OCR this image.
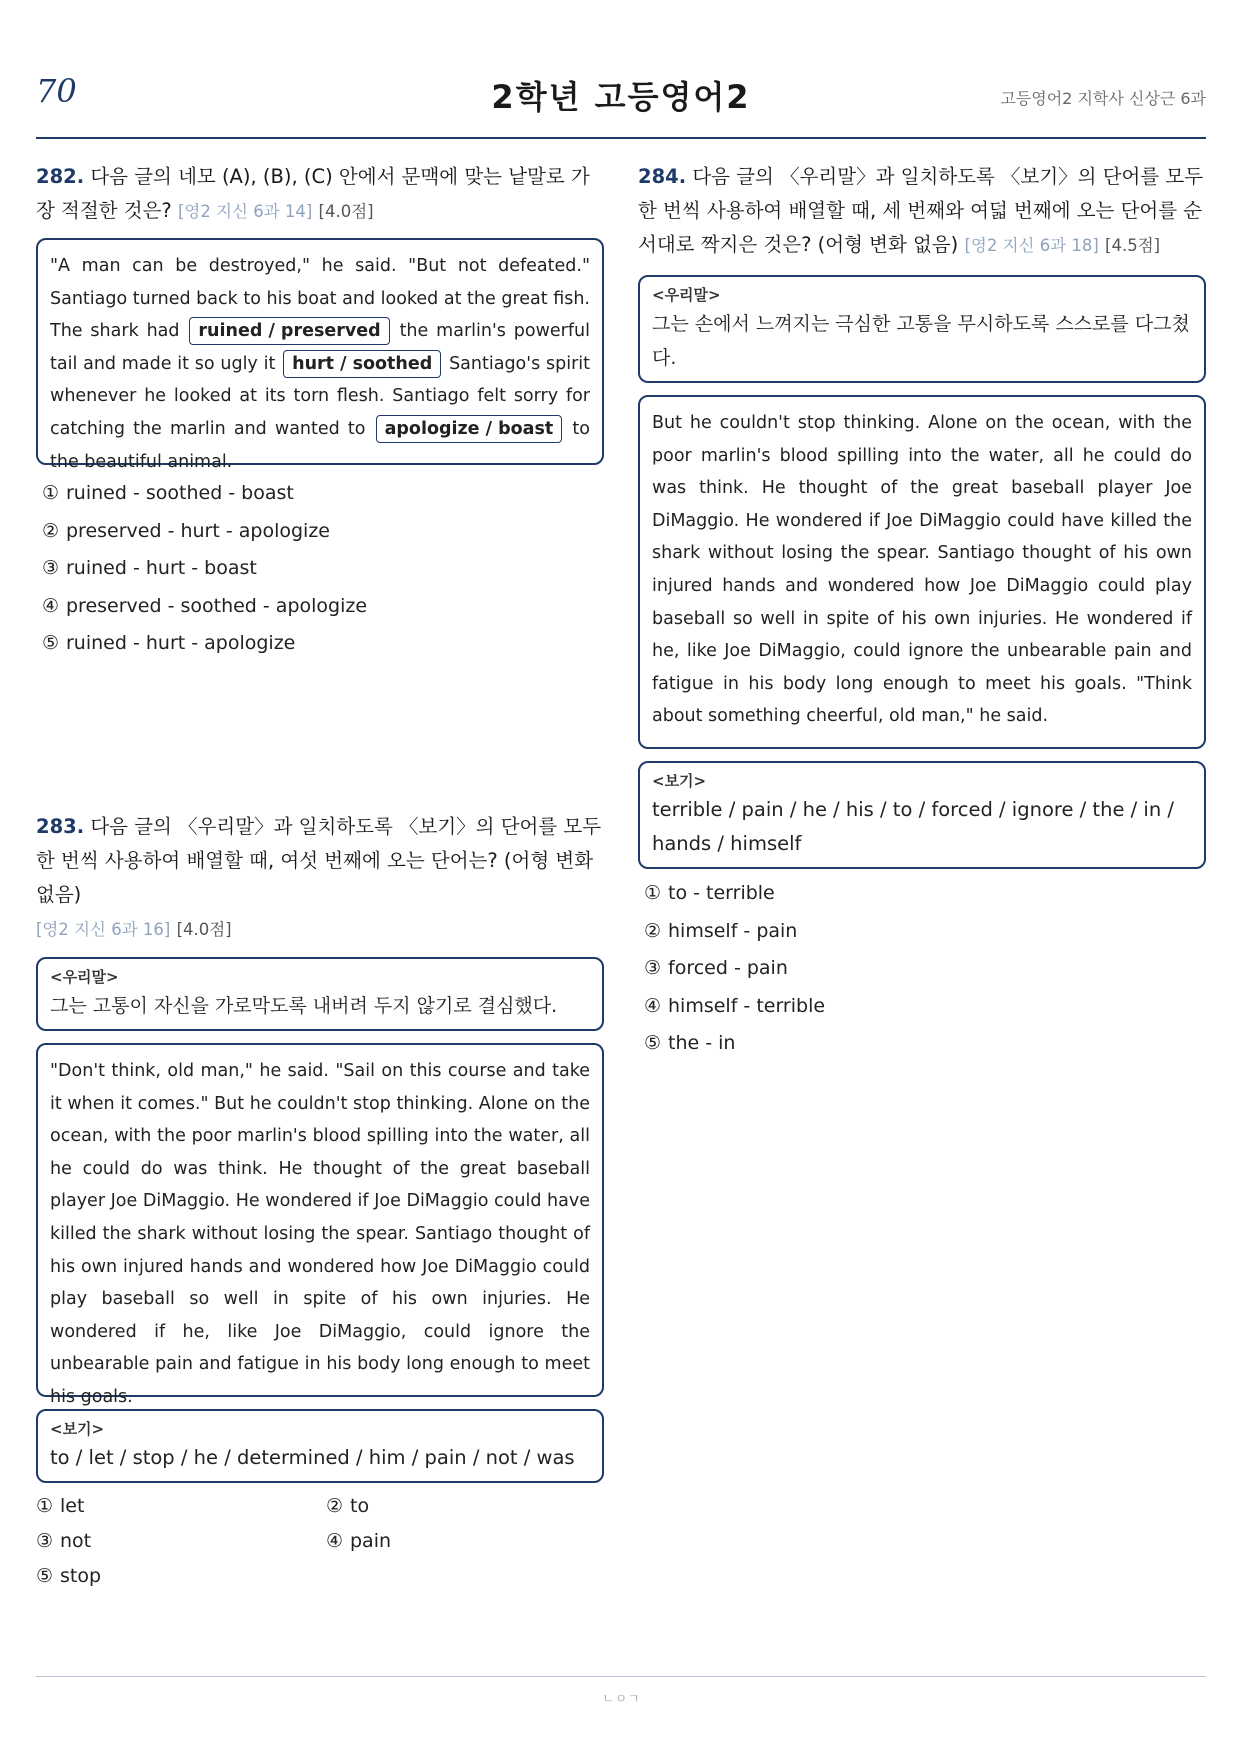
70	2학년 고등영어2	고등영어2 지학사 신상근 6과
282. 다음 글의 네모 (A), (B), (C) 안에서 문맥에 맞는 낱말로 가장 적절한 것은? [영2 지신 6과 14] [4.0점]
"A man can be destroyed," he said. "But not defeated." Santiago turned back to his boat and looked at the great fish. The shark had ruined / preserved the marlin's powerful tail and made it so ugly it hurt / soothed Santiago's spirit whenever he looked at its torn flesh. Santiago felt sorry for catching the marlin and wanted to apologize / boast to the beautiful animal.
① ruined - soothed - boast
② preserved - hurt - apologize
③ ruined - hurt - boast
④ preserved - soothed - apologize
⑤ ruined - hurt - apologize
283. 다음 글의 〈우리말〉과 일치하도록 〈보기〉의 단어를 모두 한 번씩 사용하여 배열할 때, 여섯 번째에 오는 단어는? (어형 변화 없음)
[영2 지신 6과 16] [4.0점]
<우리말>
그는 고통이 자신을 가로막도록 내버려 두지 않기로 결심했다.
"Don't think, old man," he said. "Sail on this course and take it when it comes." But he couldn't stop thinking. Alone on the ocean, with the poor marlin's blood spilling into the water, all he could do was think. He thought of the great baseball player Joe DiMaggio. He wondered if Joe DiMaggio could have killed the shark without losing the spear. Santiago thought of his own injured hands and wondered how Joe DiMaggio could play baseball so well in spite of his own injuries. He wondered if he, like Joe DiMaggio, could ignore the unbearable pain and fatigue in his body long enough to meet his goals.
<보기>
to / let / stop / he / determined / him / pain / not / was
① let	② to
③ not	④ pain
⑤ stop
284. 다음 글의 〈우리말〉과 일치하도록 〈보기〉의 단어를 모두 한 번씩 사용하여 배열할 때, 세 번째와 여덟 번째에 오는 단어를 순서대로 짝지은 것은? (어형 변화 없음) [영2 지신 6과 18] [4.5점]
<우리말>
그는 손에서 느껴지는 극심한 고통을 무시하도록 스스로를 다그쳤다.
But he couldn't stop thinking. Alone on the ocean, with the poor marlin's blood spilling into the water, all he could do was think. He thought of the great baseball player Joe DiMaggio. He wondered if Joe DiMaggio could have killed the shark without losing the spear. Santiago thought of his own injured hands and wondered how Joe DiMaggio could play baseball so well in spite of his own injuries. He wondered if he, like Joe DiMaggio, could ignore the unbearable pain and fatigue in his body long enough to meet his goals. "Think about something cheerful, old man," he said.
<보기>
terrible / pain / he / his / to / forced / ignore / the / in / hands / himself
① to - terrible
② himself - pain
③ forced - pain
④ himself - terrible
⑤ the - in
ㄴㅇㄱ
